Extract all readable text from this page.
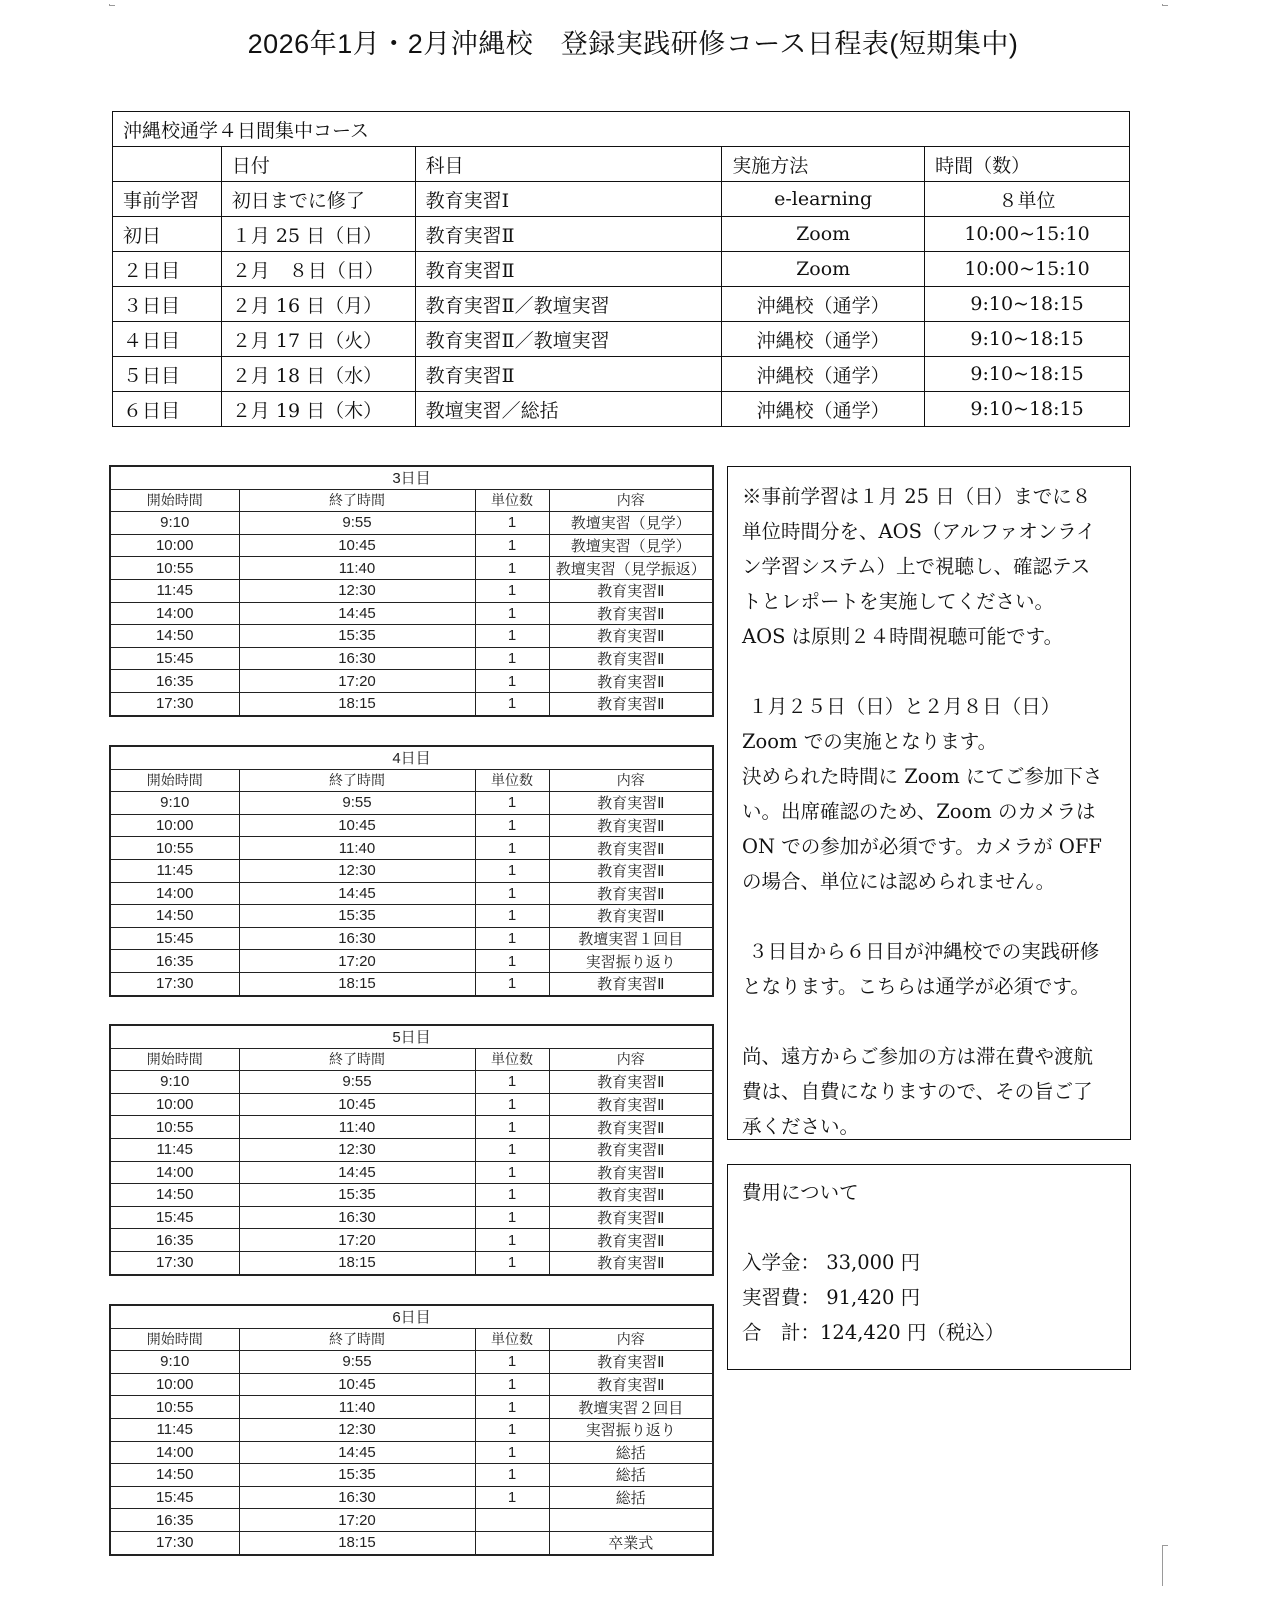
2026年1月・2月沖縄校　登録実践研修コース日程表(短期集中)
沖縄校通学４日間集中コース				
	日付	科目	実施方法	時間（数）
事前学習	初日までに修了	教育実習Ⅰ	e-learning	８単位
初日	１月 25 日（日）	教育実習Ⅱ	Zoom	10:00~15:10
２日目	２月　８日（日）	教育実習Ⅱ	Zoom	10:00~15:10
３日目	２月 16 日（月）	教育実習Ⅱ／教壇実習	沖縄校（通学）	9:10~18:15
４日目	２月 17 日（火）	教育実習Ⅱ／教壇実習	沖縄校（通学）	9:10~18:15
５日目	２月 18 日（水）	教育実習Ⅱ	沖縄校（通学）	9:10~18:15
６日目	２月 19 日（木）	教壇実習／総括	沖縄校（通学）	9:10~18:15
3日目			
開始時間	終了時間	単位数	内容
9:10	9:55	1	教壇実習（見学）
10:00	10:45	1	教壇実習（見学）
10:55	11:40	1	教壇実習（見学振返）
11:45	12:30	1	教育実習Ⅱ
14:00	14:45	1	教育実習Ⅱ
14:50	15:35	1	教育実習Ⅱ
15:45	16:30	1	教育実習Ⅱ
16:35	17:20	1	教育実習Ⅱ
17:30	18:15	1	教育実習Ⅱ
4日目			
開始時間	終了時間	単位数	内容
9:10	9:55	1	教育実習Ⅱ
10:00	10:45	1	教育実習Ⅱ
10:55	11:40	1	教育実習Ⅱ
11:45	12:30	1	教育実習Ⅱ
14:00	14:45	1	教育実習Ⅱ
14:50	15:35	1	教育実習Ⅱ
15:45	16:30	1	教壇実習１回目
16:35	17:20	1	実習振り返り
17:30	18:15	1	教育実習Ⅱ
5日目			
開始時間	終了時間	単位数	内容
9:10	9:55	1	教育実習Ⅱ
10:00	10:45	1	教育実習Ⅱ
10:55	11:40	1	教育実習Ⅱ
11:45	12:30	1	教育実習Ⅱ
14:00	14:45	1	教育実習Ⅱ
14:50	15:35	1	教育実習Ⅱ
15:45	16:30	1	教育実習Ⅱ
16:35	17:20	1	教育実習Ⅱ
17:30	18:15	1	教育実習Ⅱ
6日目			
開始時間	終了時間	単位数	内容
9:10	9:55	1	教育実習Ⅱ
10:00	10:45	1	教育実習Ⅱ
10:55	11:40	1	教壇実習２回目
11:45	12:30	1	実習振り返り
14:00	14:45	1	総括
14:50	15:35	1	総括
15:45	16:30	1	総括
16:35	17:20		
17:30	18:15		卒業式

※事前学習は１月 25 日（日）までに８

単位時間分を、AOS（アルファオンライ

ン学習システム）上で視聴し、確認テス

トとレポートを実施してください。

AOS は原則２４時間視聴可能です。

１月２５日（日）と２月８日（日）

Zoom での実施となります。

決められた時間に Zoom にてご参加下さ

い。出席確認のため、Zoom のカメラは

ON での参加が必須です。カメラが OFF

の場合、単位には認められません。

３日目から６日目が沖縄校での実践研修

となります。こちらは通学が必須です。

尚、遠方からご参加の方は滞在費や渡航

費は、自費になりますので、その旨ご了

承ください。

費用について

入学金： 33,000 円

実習費： 91,420 円

合　計：124,420 円（税込）
